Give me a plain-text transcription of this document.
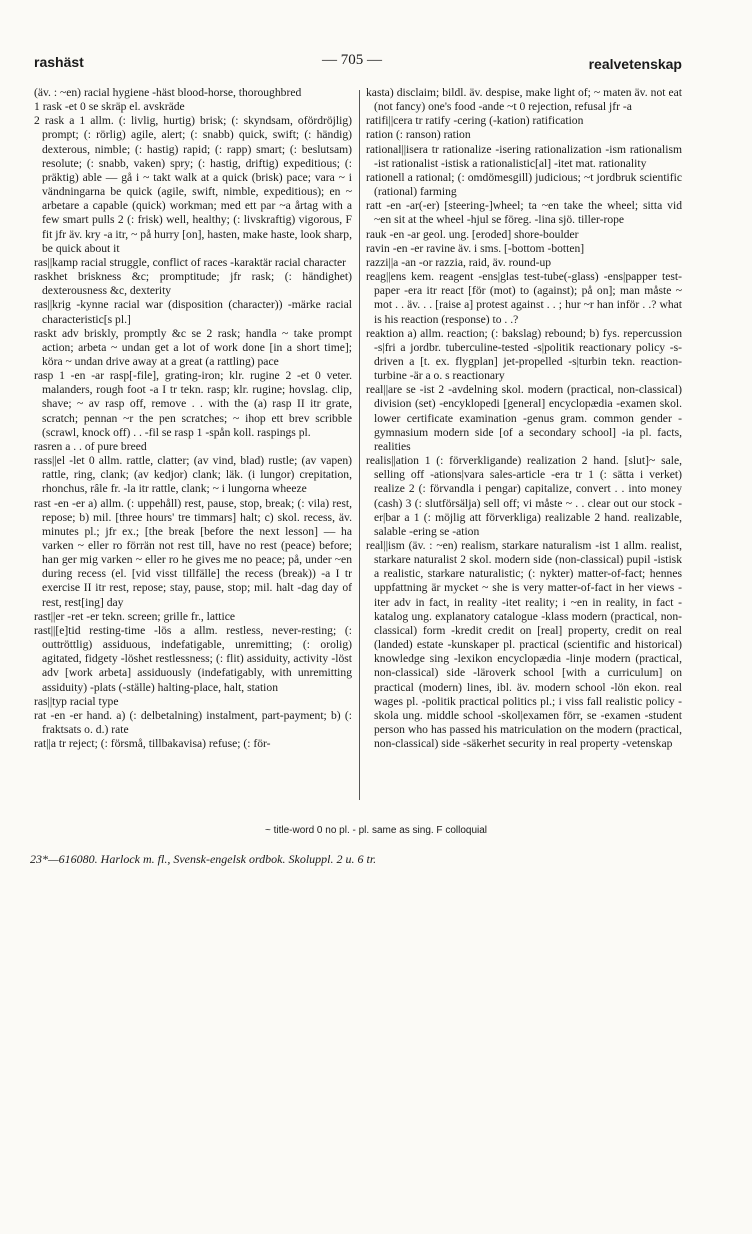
rashäst	— 705 —	realvetenskap

(äv. : ~en) racial hygiene -häst blood-horse, thoroughbred

1 rask -et 0 se skräp el. avskräde

2 rask a 1 allm. (: livlig, hurtig) brisk; (: skyndsam, ofördröjlig) prompt; (: rörlig) agile, alert; (: snabb) quick, swift; (: händig) dexterous, nimble; (: hastig) rapid; (: rapp) smart; (: beslutsam) resolute; (: snabb, vaken) spry; (: hastig, driftig) expeditious; (: präktig) able — gå i ~ takt walk at a quick (brisk) pace; vara ~ i vändningarna be quick (agile, swift, nimble, expeditious); en ~ arbetare a capable (quick) workman; med ett par ~a årtag with a few smart pulls 2 (: frisk) well, healthy; (: livskraftig) vigorous, F fit jfr äv. kry -a itr, ~ på hurry [on], hasten, make haste, look sharp, be quick about it

ras||kamp racial struggle, conflict of races -karaktär racial character

raskhet briskness &c; promptitude; jfr rask; (: händighet) dexterousness &c, dexterity

ras||krig -kynne racial war (disposition (character)) -märke racial characteristic[s pl.]

raskt adv briskly, promptly &c se 2 rask; handla ~ take prompt action; arbeta ~ undan get a lot of work done [in a short time]; köra ~ undan drive away at a great (a rattling) pace

rasp 1 -en -ar rasp[-file], grating-iron; klr. rugine 2 -et 0 veter. malanders, rough foot -a I tr tekn. rasp; klr. rugine; hovslag. clip, shave; ~ av rasp off, remove . . with the (a) rasp II itr grate, scratch; pennan ~r the pen scratches; ~ ihop ett brev scribble (scrawl, knock off) . . -fil se rasp 1 -spån koll. raspings pl.

rasren a . . of pure breed

rass||el -let 0 allm. rattle, clatter; (av vind, blad) rustle; (av vapen) rattle, ring, clank; (av kedjor) clank; läk. (i lungor) crepitation, rhonchus, râle fr. -la itr rattle, clank; ~ i lungorna wheeze

rast -en -er a) allm. (: uppehåll) rest, pause, stop, break; (: vila) rest, repose; b) mil. [three hours' tre timmars] halt; c) skol. recess, äv. minutes pl.; jfr ex.; [the break [before the next lesson] — ha varken ~ eller ro förrän not rest till, have no rest (peace) before; han ger mig varken ~ eller ro he gives me no peace; på, under ~en during recess (el. [vid visst tillfälle] the recess (break)) -a I tr exercise II itr rest, repose; stay, pause, stop; mil. halt -dag day of rest, rest[ing] day

rast||er -ret -er tekn. screen; grille fr., lattice

rast||[e]tid resting-time -lös a allm. restless, never-resting; (: outtröttlig) assiduous, indefatigable, unremitting; (: orolig) agitated, fidgety -löshet restlessness; (: flit) assiduity, activity -löst adv [work arbeta] assiduously (indefatigably, with unremitting assiduity) -plats (-ställe) halting-place, halt, station

ras||typ racial type

rat -en -er hand. a) (: delbetalning) instalment, part-payment; b) (: fraktsats o. d.) rate

rat||a tr reject; (: försmå, tillbakavisa) refuse; (: för-

kasta) disclaim; bildl. äv. despise, make light of; ~ maten äv. not eat (not fancy) one's food -ande ~t 0 rejection, refusal jfr -a

ratifi||cera tr ratify -cering (-kation) ratification

ration (: ranson) ration

rational||isera tr rationalize -isering rationalization -ism rationalism -ist rationalist -istisk a rationalistic[al] -itet mat. rationality

rationell a rational; (: omdömesgill) judicious; ~t jordbruk scientific (rational) farming

ratt -en -ar(-er) [steering-]wheel; ta ~en take the wheel; sitta vid ~en sit at the wheel -hjul se föreg. -lina sjö. tiller-rope

rauk -en -ar geol. ung. [eroded] shore-boulder

ravin -en -er ravine äv. i sms. [-bottom -botten]

razzi||a -an -or razzia, raid, äv. round-up

reag||ens kem. reagent -ens|glas test-tube(-glass) -ens|papper test-paper -era itr react [för (mot) to (against); på on]; man måste ~ mot . . äv. . . [raise a] protest against . . ; hur ~r han inför . .? what is his reaction (response) to . .?

reaktion a) allm. reaction; (: bakslag) rebound; b) fys. repercussion -s|fri a jordbr. tuberculine-tested -s|politik reactionary policy -s-driven a [t. ex. flygplan] jet-propelled -s|turbin tekn. reaction-turbine -är a o. s reactionary

real||are se -ist 2 -avdelning skol. modern (practical, non-classical) division (set) -encyklopedi [general] encyclopædia -examen skol. lower certificate examination -genus gram. common gender -gymnasium modern side [of a secondary school] -ia pl. facts, realities

realis||ation 1 (: förverkligande) realization 2 hand. [slut]~ sale, selling off -ations|vara sales-article -era tr 1 (: sätta i verket) realize 2 (: förvandla i pengar) capitalize, convert . . into money (cash) 3 (: slutförsälja) sell off; vi måste ~ . . clear out our stock -er|bar a 1 (: möjlig att förverkliga) realizable 2 hand. realizable, salable -ering se -ation

real||ism (äv. : ~en) realism, starkare naturalism -ist 1 allm. realist, starkare naturalist 2 skol. modern side (non-classical) pupil -istisk a realistic, starkare naturalistic; (: nykter) matter-of-fact; hennes uppfattning är mycket ~ she is very matter-of-fact in her views -iter adv in fact, in reality -itet reality; i ~en in reality, in fact -katalog ung. explanatory catalogue -klass modern (practical, non-classical) form -kredit credit on [real] property, credit on real (landed) estate -kunskaper pl. practical (scientific and historical) knowledge sing -lexikon encyclopædia -linje modern (practical, non-classical) side -läroverk school [with a curriculum] on practical (modern) lines, ibl. äv. modern school -lön ekon. real wages pl. -politik practical politics pl.; i viss fall realistic policy -skola ung. middle school -skol|examen förr, se -examen -student person who has passed his matriculation on the modern (practical, non-classical) side -säkerhet security in real property -vetenskap

~ title-word 0 no pl. - pl. same as sing. F colloquial
23*—616080. Harlock m. fl., Svensk-engelsk ordbok. Skoluppl. 2 u. 6 tr.
